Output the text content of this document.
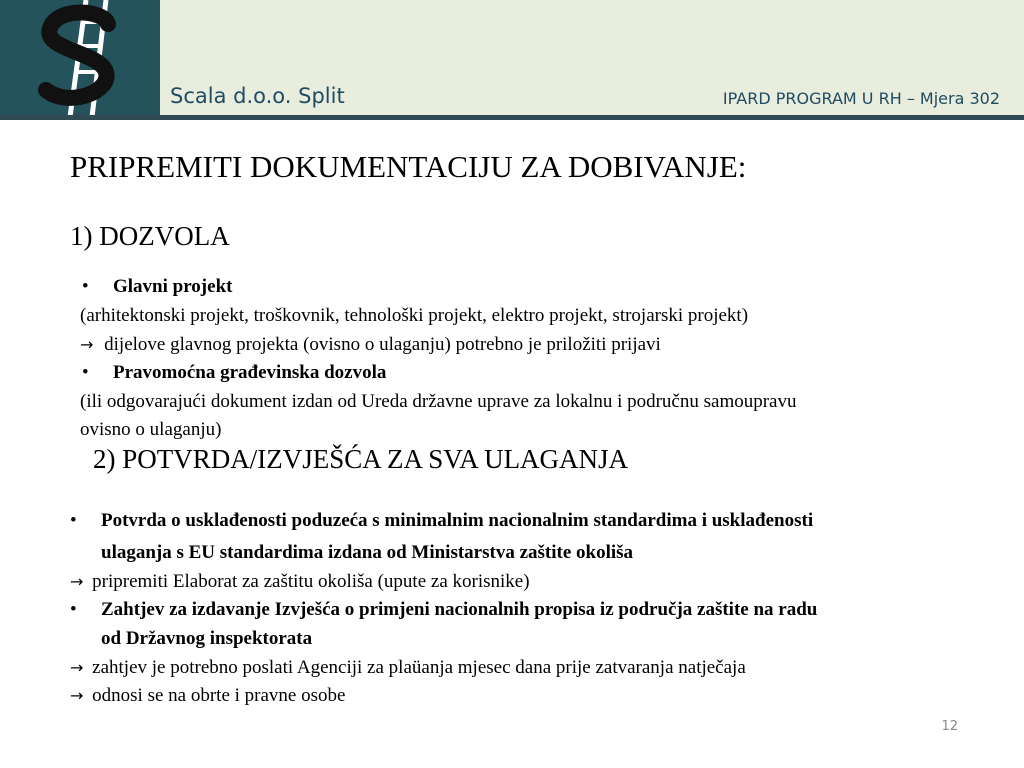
Scala d.o.o. Split	IPARD PROGRAM U RH – Mjera 302
PRIPREMITI DOKUMENTACIJU ZA DOBIVANJE:
1) DOZVOLA
• Glavni projekt
(arhitektonski projekt, troškovnik, tehnološki projekt, elektro projekt, strojarski projekt)
→ dijelove glavnog projekta (ovisno o ulaganju) potrebno je priložiti prijavi
• Pravomoćna građevinska dozvola
(ili odgovarajući dokument izdan od Ureda državne uprave za lokalnu i područnu samoupravu
ovisno o ulaganju)
2) POTVRDA/IZVJEŠĆA ZA SVA ULAGANJA
• Potvrda o usklađenosti poduzeća s minimalnim nacionalnim standardima i usklađenosti
ulaganja s EU standardima izdana od Ministarstva zaštite okoliša
→ pripremiti Elaborat za zaštitu okoliša (upute za korisnike)
• Zahtjev za izdavanje Izvješća o primjeni nacionalnih propisa iz područja zaštite na radu
od Državnog inspektorata
→ zahtjev je potrebno poslati Agenciji za plaüanja mjesec dana prije zatvaranja natječaja
→ odnosi se na obrte i pravne osobe
12
